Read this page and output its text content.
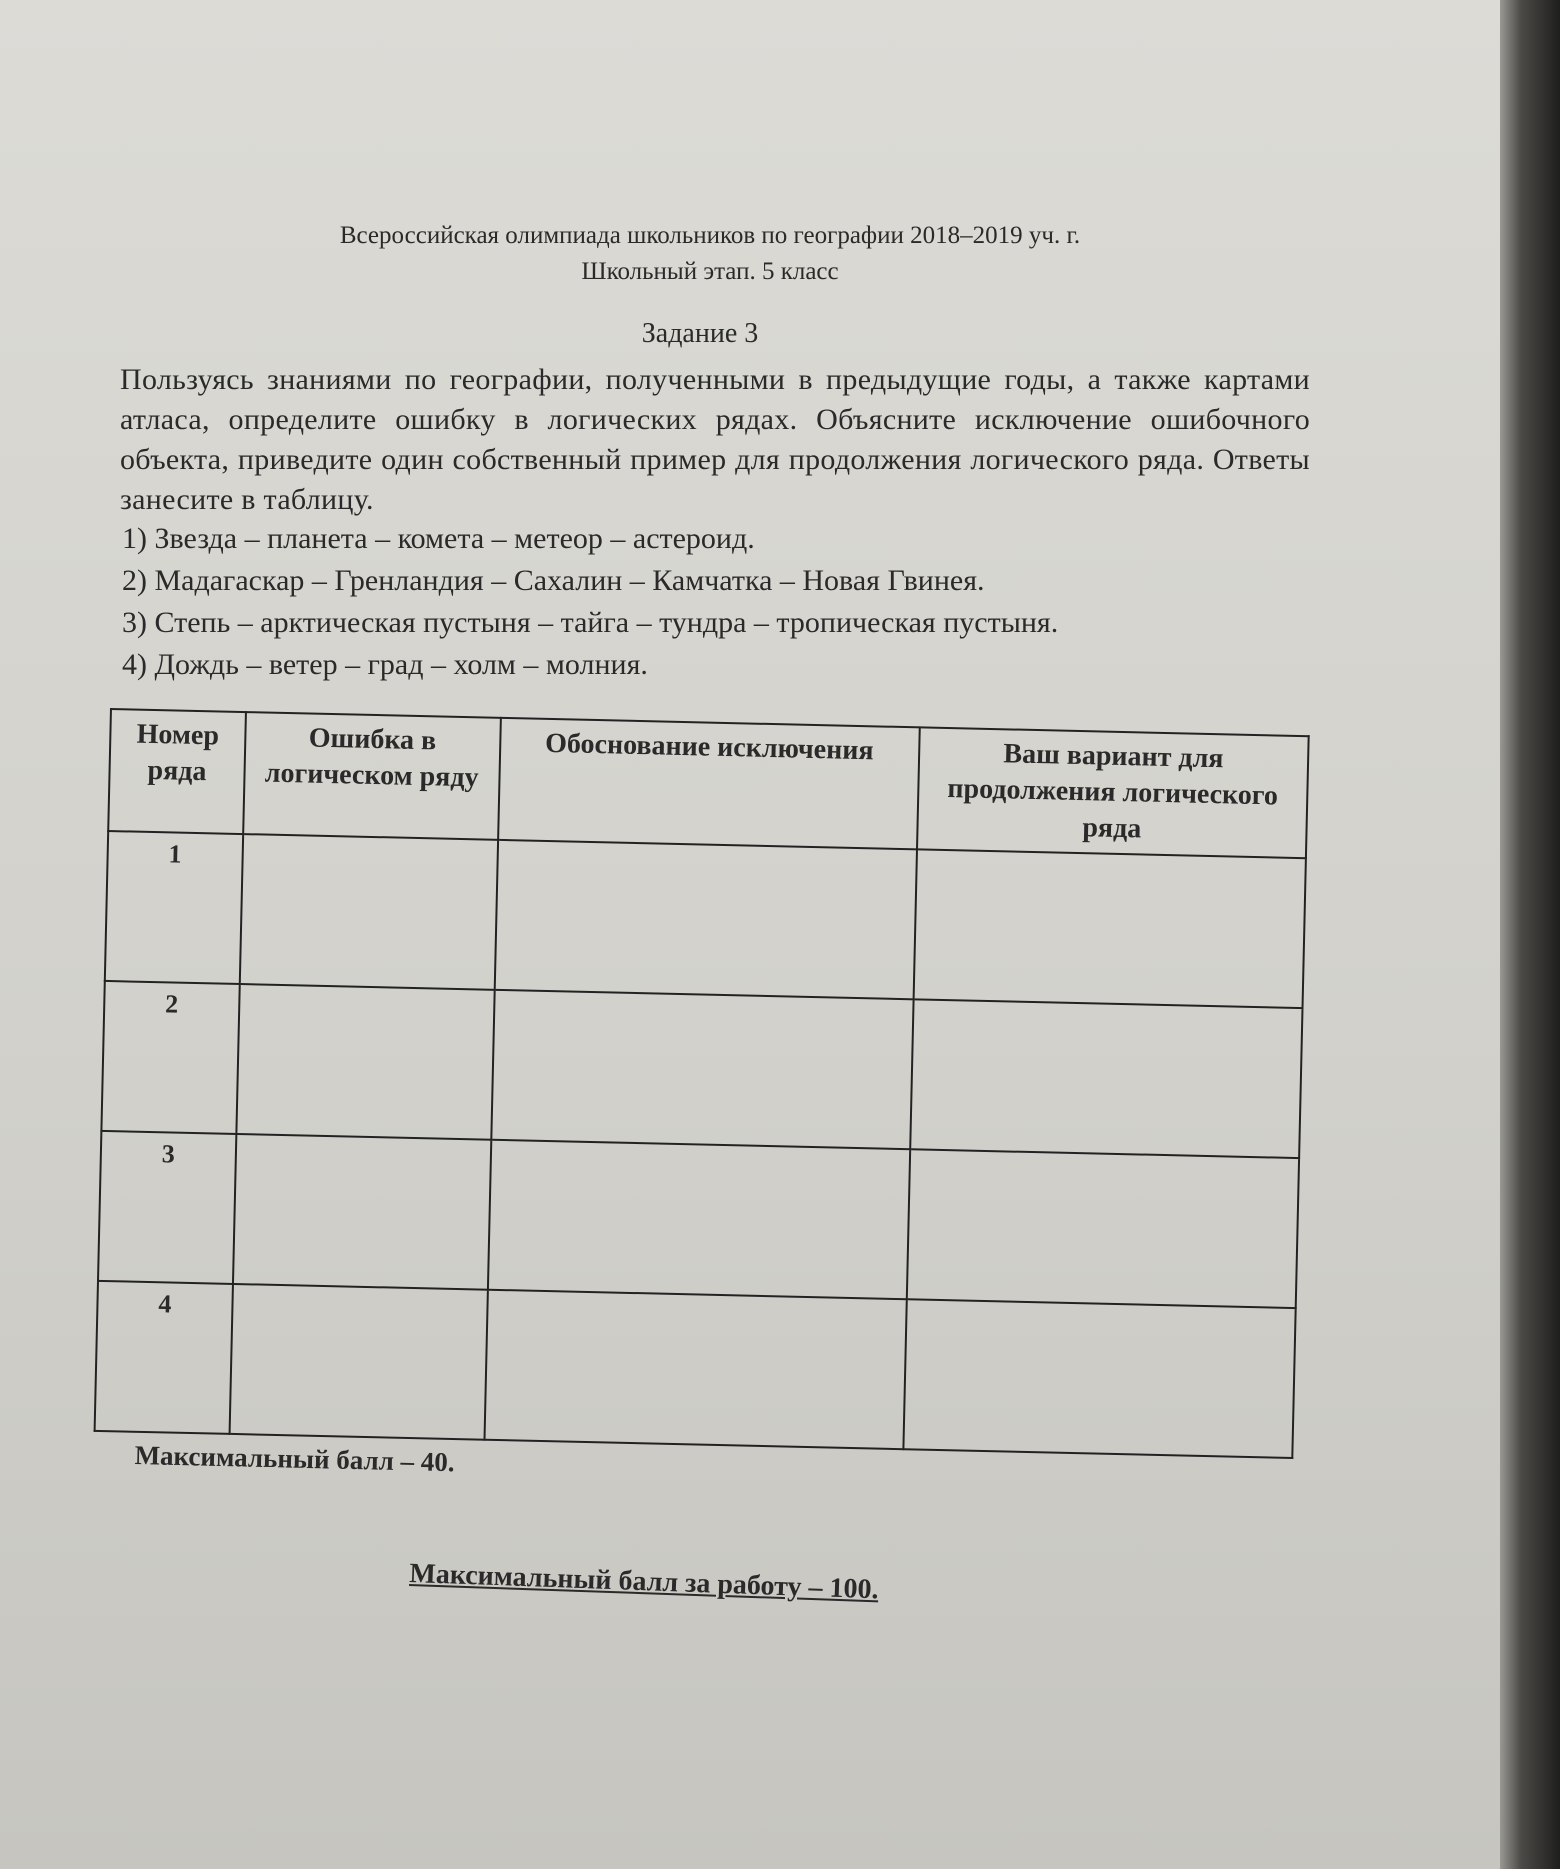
Всероссийская олимпиада школьников по географии 2018–2019 уч. г.
Школьный этап. 5 класс
Задание 3
Пользуясь знаниями по географии, полученными в предыдущие годы, а также картами атласа, определите ошибку в логических рядах. Объясните исключение ошибочного объекта, приведите один собственный пример для продолжения логического ряда. Ответы занесите в таблицу.
1) Звезда – планета – комета – метеор – астероид.
2) Мадагаскар – Гренландия – Сахалин – Камчатка – Новая Гвинея.
3) Степь – арктическая пустыня – тайга – тундра – тропическая пустыня.
4) Дождь – ветер – град – холм – молния.
Номер ряда	Ошибка в логическом ряду	Обоснование исключения	Ваш вариант для продолжения логического ряда
1			
2			
3			
4			
Максимальный балл – 40.
Максимальный балл за работу – 100.
